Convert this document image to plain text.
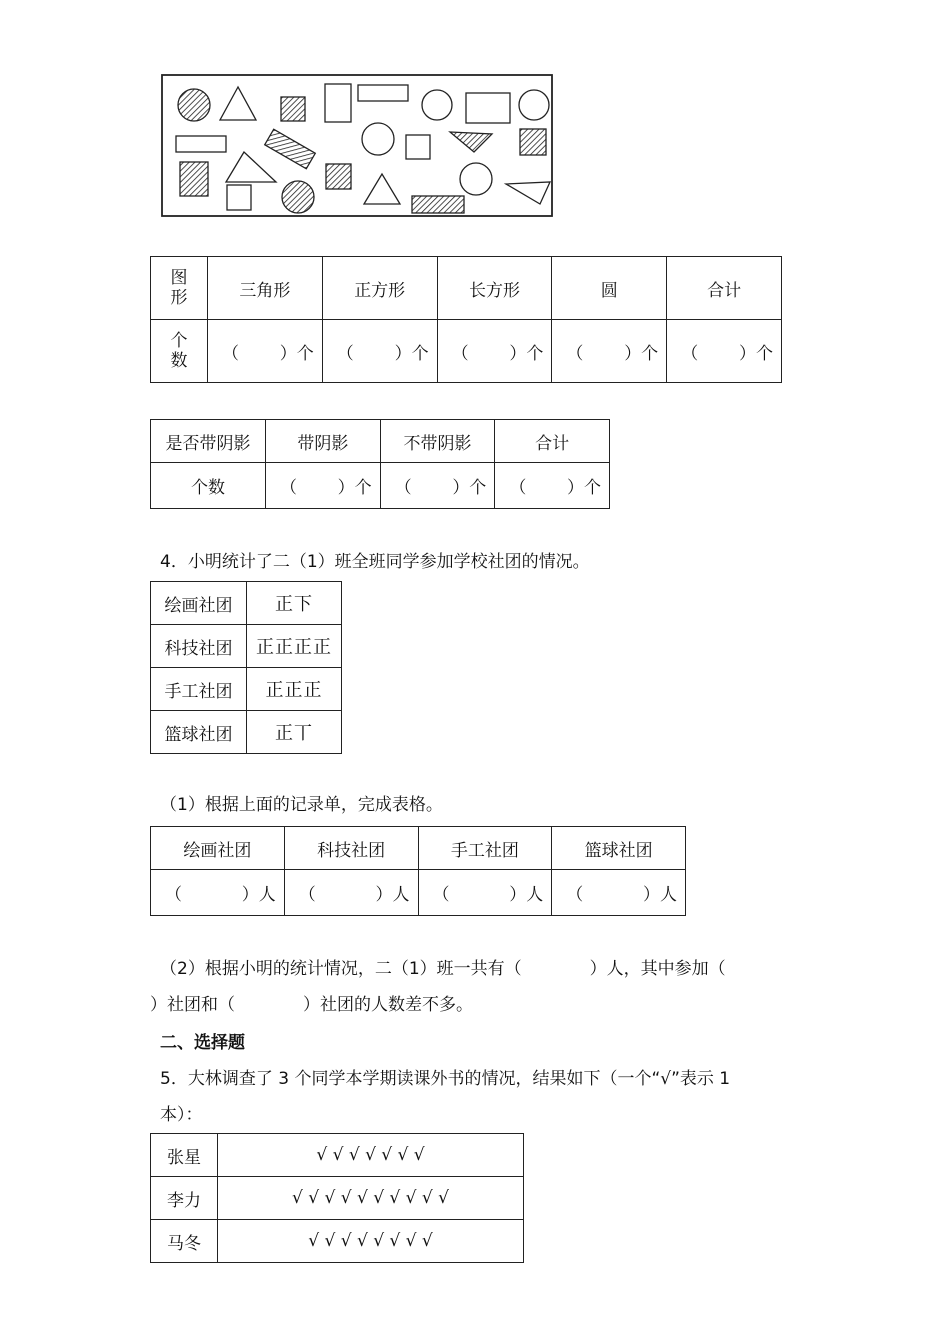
图形	三角形	正方形	长方形	圆	合计

个数	（ ）个	（ ）个	（ ）个	（ ）个	（ ）个
是否带阴影	带阴影	不带阴影	合计
个数	（ ）个	（ ）个	（ ）个
4．小明统计了二（1）班全班同学参加学校社团的情况。
绘画社团	正下
科技社团	正正正正
手工社团	正正正
篮球社团	正丅
（1）根据上面的记录单，完成表格。
绘画社团	科技社团	手工社团	篮球社团

（ ）人	（ ）人	（ ）人	（ ）人
（2）根据小明的统计情况，二（1）班一共有（　　　　）人，其中参加（
）社团和（　　　　）社团的人数差不多。
二、选择题
5．大林调查了 3 个同学本学期读课外书的情况，结果如下（一个“√”表示 1
本）：
张星	√ √ √ √ √ √ √
李力	√ √ √ √ √ √ √ √ √ √
马冬	√ √ √ √ √ √ √ √
